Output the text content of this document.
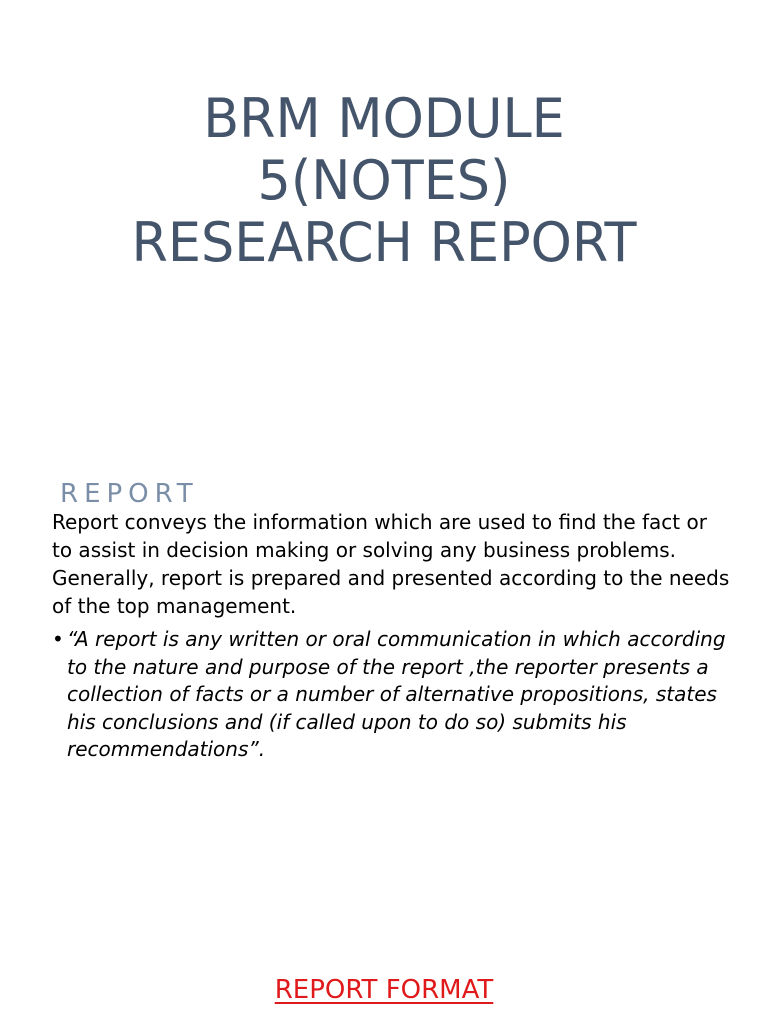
BRM MODULE
5(NOTES)
RESEARCH REPORT
REPORT

Report conveys the information which are used to find the fact or to assist in decision making or solving any business problems. Generally, report is prepared and presented according to the needs of the top management.

• “A report is any written or oral communication in which according to the nature and purpose of the report ,the reporter presents a collection of facts or a number of alternative propositions, states his conclusions and (if called upon to do so) submits his recommendations”.
REPORT FORMAT
